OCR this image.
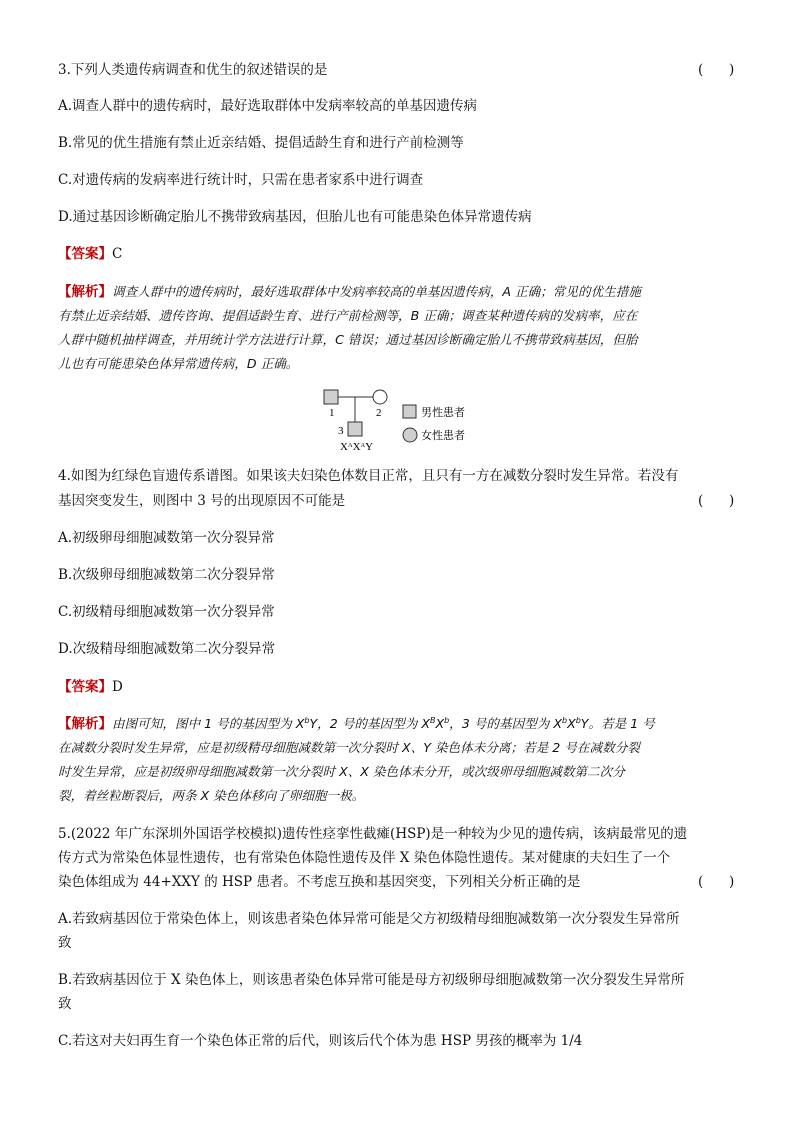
3.下列人类遗传病调查和优生的叙述错误的是	(      )
A.调查人群中的遗传病时，最好选取群体中发病率较高的单基因遗传病
B.常见的优生措施有禁止近亲结婚、提倡适龄生育和进行产前检测等
C.对遗传病的发病率进行统计时，只需在患者家系中进行调查
D.通过基因诊断确定胎儿不携带致病基因，但胎儿也有可能患染色体异常遗传病
【答案】C
【解析】调查人群中的遗传病时，最好选取群体中发病率较高的单基因遗传病，A 正确；常见的优生措施
有禁止近亲结婚、遗传咨询、提倡适龄生育、进行产前检测等，B 正确；调查某种遗传病的发病率，应在
人群中随机抽样调查，并用统计学方法进行计算，C 错误；通过基因诊断确定胎儿不携带致病基因，但胎
儿也有可能患染色体异常遗传病，D 正确。
1	2
3
XᴬXᴬY
男性患者
女性患者
4.如图为红绿色盲遗传系谱图。如果该夫妇染色体数目正常，且只有一方在减数分裂时发生异常。若没有
基因突变发生，则图中 3 号的出现原因不可能是	(      )
A.初级卵母细胞减数第一次分裂异常
B.次级卵母细胞减数第二次分裂异常
C.初级精母细胞减数第一次分裂异常
D.次级精母细胞减数第二次分裂异常
【答案】D
【解析】由图可知，图中 1 号的基因型为 $X^bY$，2 号的基因型为 $X^BX^b$，3 号的基因型为 $X^bX^bY$。若是 1 号
在减数分裂时发生异常，应是初级精母细胞减数第一次分裂时 X、Y 染色体未分离；若是 2 号在减数分裂
时发生异常，应是初级卵母细胞减数第一次分裂时 X、X 染色体未分开，或次级卵母细胞减数第二次分
裂，着丝粒断裂后，两条 X 染色体移向了卵细胞一极。
5.(2022 年广东深圳外国语学校模拟)遗传性痉挛性截瘫(HSP)是一种较为少见的遗传病，该病最常见的遗
传方式为常染色体显性遗传，也有常染色体隐性遗传及伴 X 染色体隐性遗传。某对健康的夫妇生了一个
染色体组成为 44+XXY 的 HSP 患者。不考虑互换和基因突变，下列相关分析正确的是	(      )
A.若致病基因位于常染色体上，则该患者染色体异常可能是父方初级精母细胞减数第一次分裂发生异常所
致
B.若致病基因位于 X 染色体上，则该患者染色体异常可能是母方初级卵母细胞减数第一次分裂发生异常所
致
C.若这对夫妇再生育一个染色体正常的后代，则该后代个体为患 HSP 男孩的概率为 1/4
